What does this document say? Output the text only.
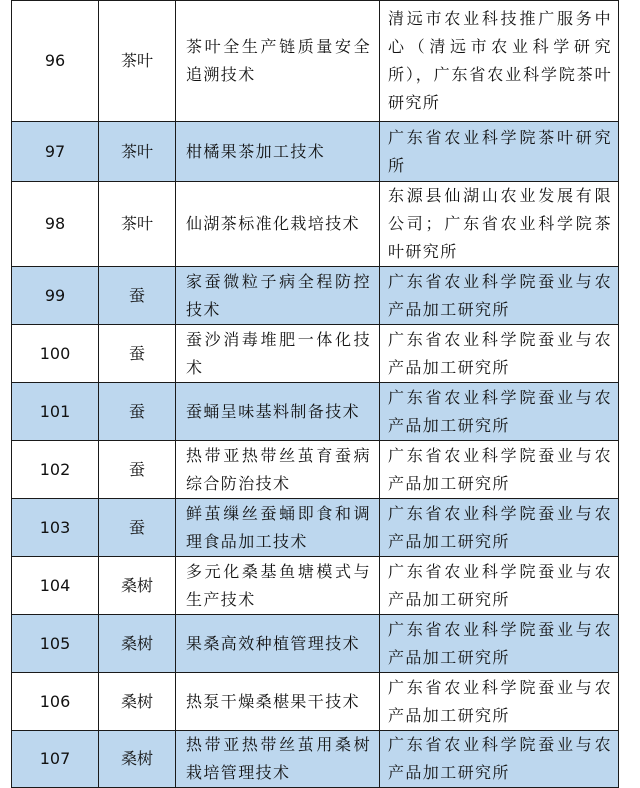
96	茶叶	茶叶全生产链质量安全追溯技术	清远市农业科技推广服务中心（清远市农业科学研究所），广东省农业科学院茶叶研究所
97	茶叶	柑橘果茶加工技术	广东省农业科学院茶叶研究所
98	茶叶	仙湖茶标准化栽培技术	东源县仙湖山农业发展有限公司；广东省农业科学院茶叶研究所
99	蚕	家蚕微粒子病全程防控技术	广东省农业科学院蚕业与农产品加工研究所
100	蚕	蚕沙消毒堆肥一体化技术	广东省农业科学院蚕业与农产品加工研究所
101	蚕	蚕蛹呈味基料制备技术	广东省农业科学院蚕业与农产品加工研究所
102	蚕	热带亚热带丝茧育蚕病综合防治技术	广东省农业科学院蚕业与农产品加工研究所
103	蚕	鲜茧缫丝蚕蛹即食和调理食品加工技术	广东省农业科学院蚕业与农产品加工研究所
104	桑树	多元化桑基鱼塘模式与生产技术	广东省农业科学院蚕业与农产品加工研究所
105	桑树	果桑高效种植管理技术	广东省农业科学院蚕业与农产品加工研究所
106	桑树	热泵干燥桑椹果干技术	广东省农业科学院蚕业与农产品加工研究所
107	桑树	热带亚热带丝茧用桑树栽培管理技术	广东省农业科学院蚕业与农产品加工研究所
